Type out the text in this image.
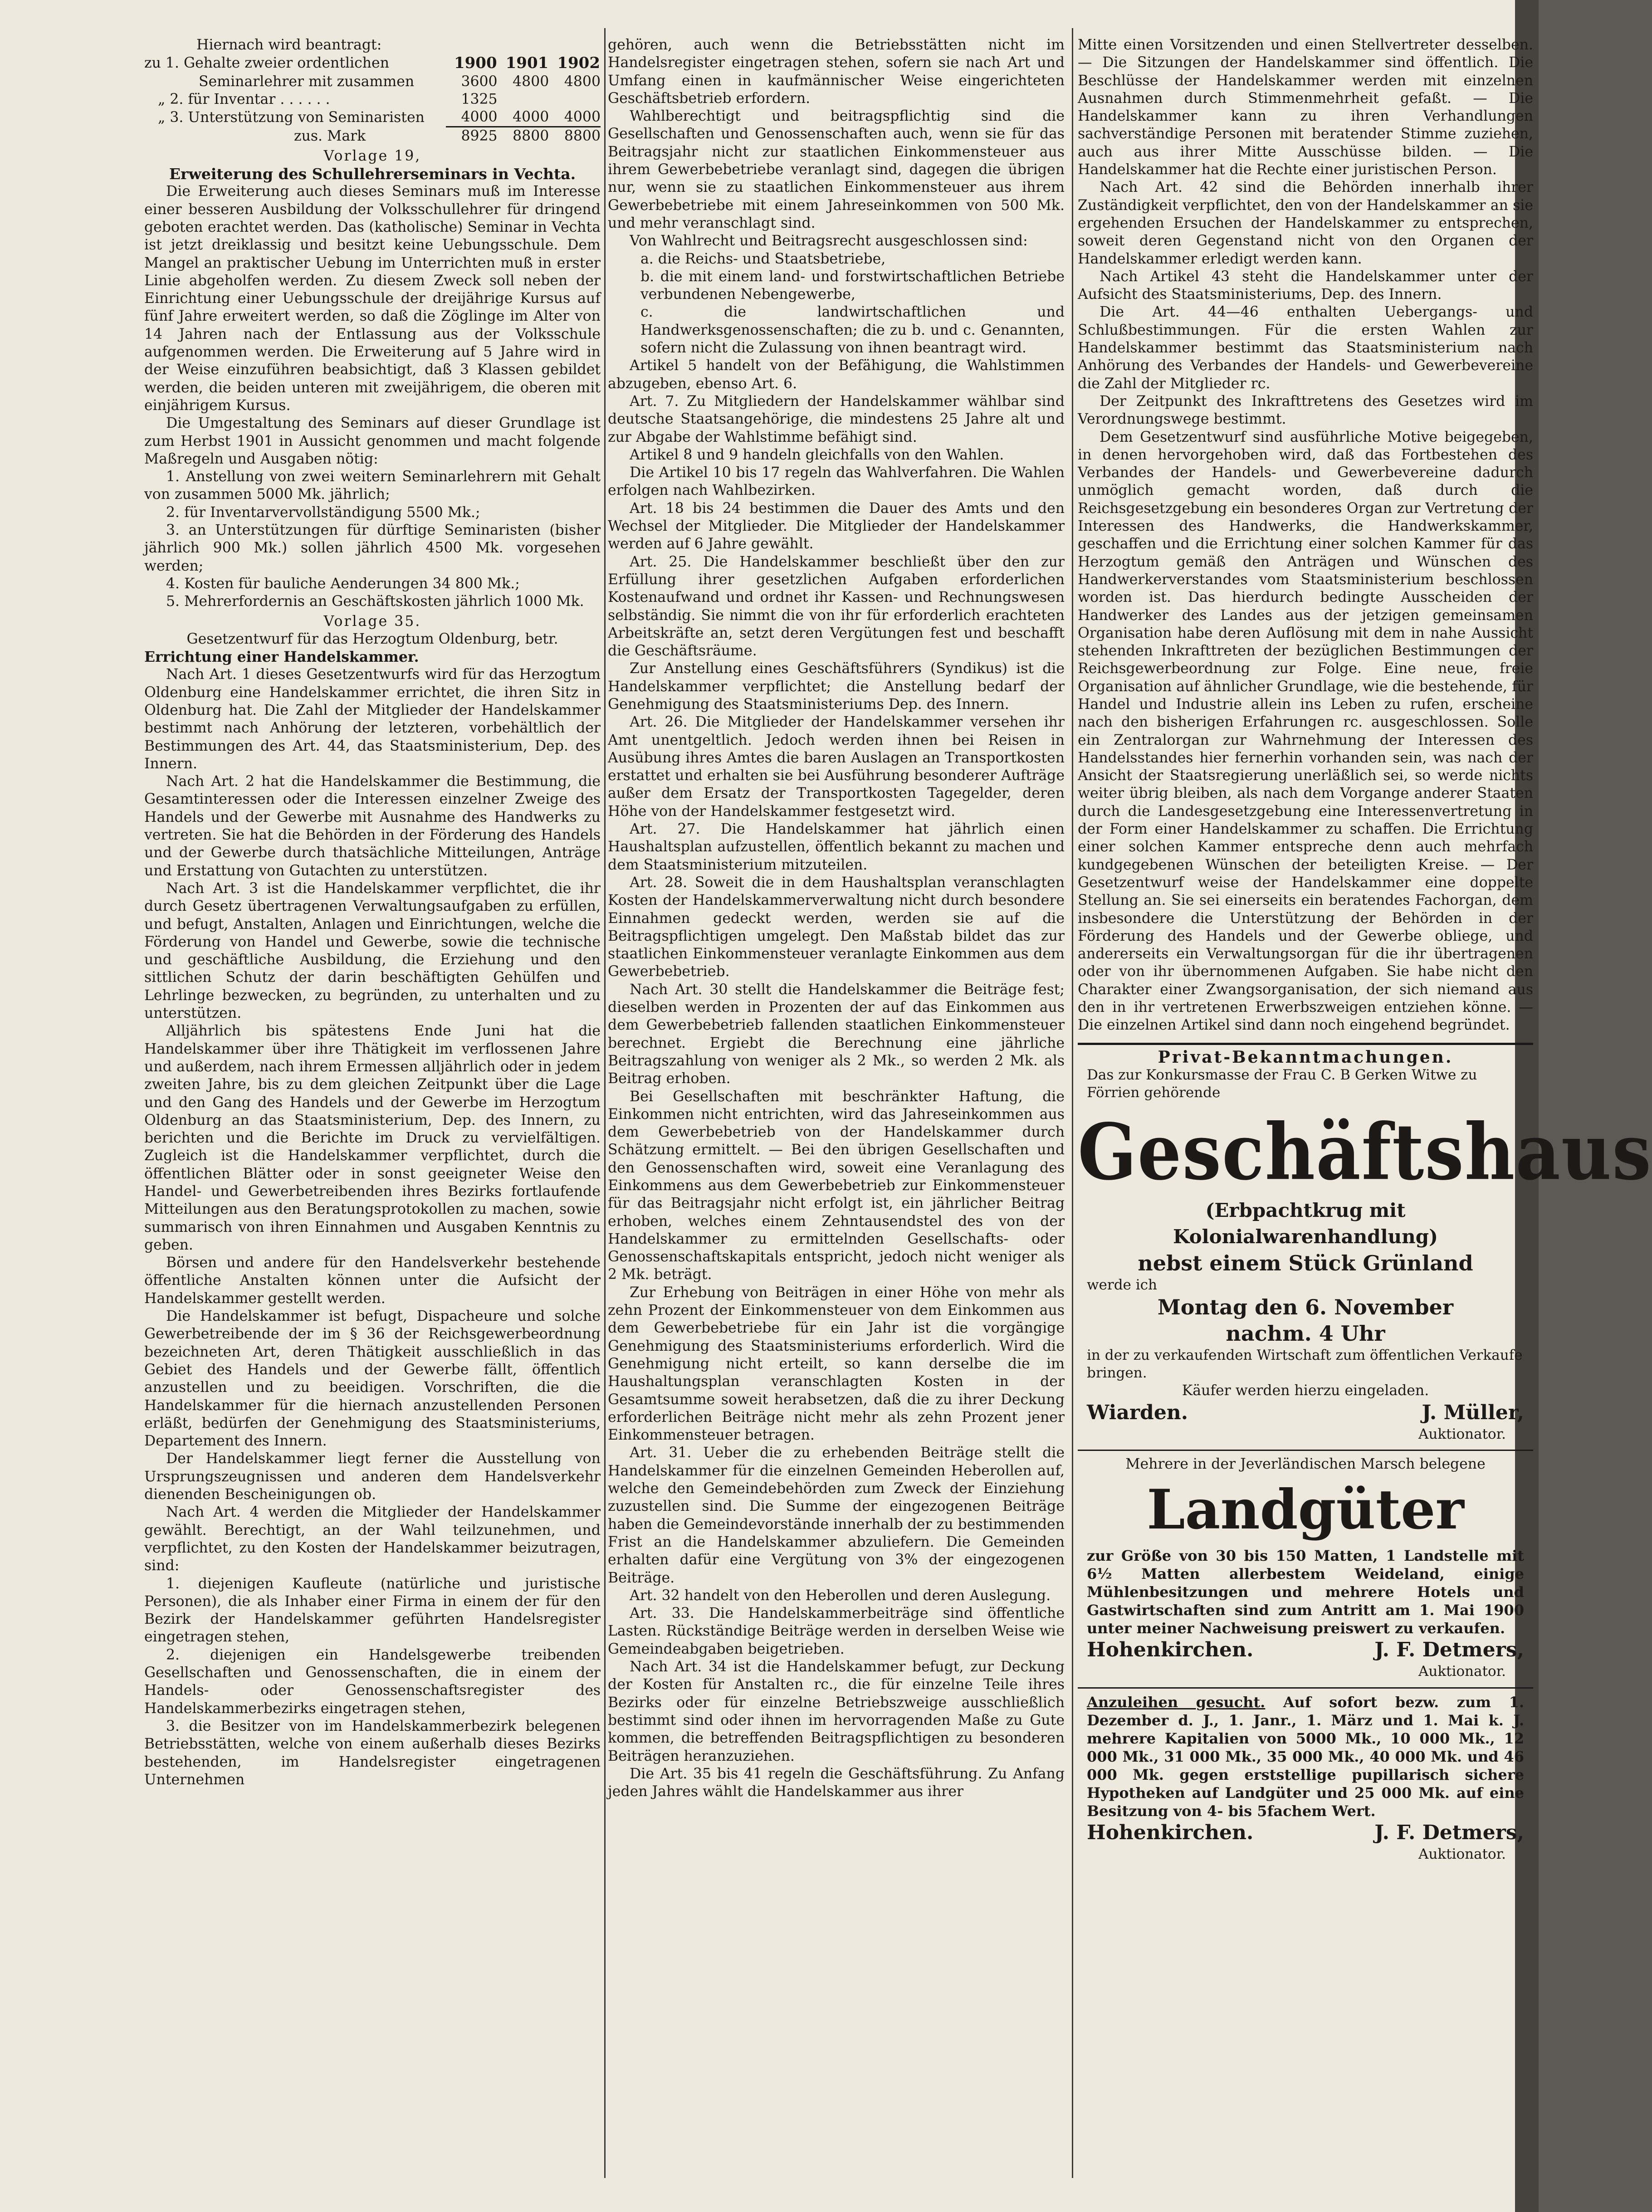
Hiernach wird beantragt:

zu 1. Gehalte zweier ordentlichen	1900	1901	1902
Seminarlehrer mit zusammen	3600	4800	4800
„ 2. für Inventar . . . . . .	1325		
„ 3. Unterstützung von Seminaristen	4000	4000	4000
zus. Mark	8925	8800	8800

Vorlage 19,

Erweiterung des Schullehrerseminars in Vechta.

Die Erweiterung auch dieses Seminars muß im Interesse einer besseren Ausbildung der Volksschullehrer für dringend geboten erachtet werden. Das (katholische) Seminar in Vechta ist jetzt dreiklassig und besitzt keine Uebungsschule. Dem Mangel an praktischer Uebung im Unterrichten muß in erster Linie abgeholfen werden. Zu diesem Zweck soll neben der Einrichtung einer Uebungsschule der dreijährige Kursus auf fünf Jahre erweitert werden, so daß die Zöglinge im Alter von 14 Jahren nach der Entlassung aus der Volksschule aufgenommen werden. Die Erweiterung auf 5 Jahre wird in der Weise einzuführen beabsichtigt, daß 3 Klassen gebildet werden, die beiden unteren mit zweijährigem, die oberen mit einjährigem Kursus.

Die Umgestaltung des Seminars auf dieser Grundlage ist zum Herbst 1901 in Aussicht genommen und macht folgende Maßregeln und Ausgaben nötig:

1. Anstellung von zwei weitern Seminarlehrern mit Gehalt von zusammen 5000 Mk. jährlich;

2. für Inventarvervollständigung 5500 Mk.;

3. an Unterstützungen für dürftige Seminaristen (bisher jährlich 900 Mk.) sollen jährlich 4500 Mk. vorgesehen werden;

4. Kosten für bauliche Aenderungen 34 800 Mk.;

5. Mehrerfordernis an Geschäftskosten jährlich 1000 Mk.

Vorlage 35.

Gesetzentwurf für das Herzogtum Oldenburg, betr.

Errichtung einer Handelskammer.

Nach Art. 1 dieses Gesetzentwurfs wird für das Herzogtum Oldenburg eine Handelskammer errichtet, die ihren Sitz in Oldenburg hat. Die Zahl der Mitglieder der Handelskammer bestimmt nach Anhörung der letzteren, vorbehältlich der Bestimmungen des Art. 44, das Staatsministerium, Dep. des Innern.

Nach Art. 2 hat die Handelskammer die Bestimmung, die Gesamtinteressen oder die Interessen einzelner Zweige des Handels und der Gewerbe mit Ausnahme des Handwerks zu vertreten. Sie hat die Behörden in der Förderung des Handels und der Gewerbe durch thatsächliche Mitteilungen, Anträge und Erstattung von Gutachten zu unterstützen.

Nach Art. 3 ist die Handelskammer verpflichtet, die ihr durch Gesetz übertragenen Verwaltungsaufgaben zu erfüllen, und befugt, Anstalten, Anlagen und Einrichtungen, welche die Förderung von Handel und Gewerbe, sowie die technische und geschäftliche Ausbildung, die Erziehung und den sittlichen Schutz der darin beschäftigten Gehülfen und Lehrlinge bezwecken, zu begründen, zu unterhalten und zu unterstützen.

Alljährlich bis spätestens Ende Juni hat die Handelskammer über ihre Thätigkeit im verflossenen Jahre und außerdem, nach ihrem Ermessen alljährlich oder in jedem zweiten Jahre, bis zu dem gleichen Zeitpunkt über die Lage und den Gang des Handels und der Gewerbe im Herzogtum Oldenburg an das Staatsministerium, Dep. des Innern, zu berichten und die Berichte im Druck zu vervielfältigen. Zugleich ist die Handelskammer verpflichtet, durch die öffentlichen Blätter oder in sonst geeigneter Weise den Handel- und Gewerbetreibenden ihres Bezirks fortlaufende Mitteilungen aus den Beratungsprotokollen zu machen, sowie summarisch von ihren Einnahmen und Ausgaben Kenntnis zu geben.

Börsen und andere für den Handelsverkehr bestehende öffentliche Anstalten können unter die Aufsicht der Handelskammer gestellt werden.

Die Handelskammer ist befugt, Dispacheure und solche Gewerbetreibende der im § 36 der Reichsgewerbeordnung bezeichneten Art, deren Thätigkeit ausschließlich in das Gebiet des Handels und der Gewerbe fällt, öffentlich anzustellen und zu beeidigen. Vorschriften, die die Handelskammer für die hiernach anzustellenden Personen erläßt, bedürfen der Genehmigung des Staatsministeriums, Departement des Innern.

Der Handelskammer liegt ferner die Ausstellung von Ursprungszeugnissen und anderen dem Handelsverkehr dienenden Bescheinigungen ob.

Nach Art. 4 werden die Mitglieder der Handelskammer gewählt. Berechtigt, an der Wahl teilzunehmen, und verpflichtet, zu den Kosten der Handelskammer beizutragen, sind:

1. diejenigen Kaufleute (natürliche und juristische Personen), die als Inhaber einer Firma in einem der für den Bezirk der Handelskammer geführten Handelsregister eingetragen stehen,

2. diejenigen ein Handelsgewerbe treibenden Gesellschaften und Genossenschaften, die in einem der Handels- oder Genossenschaftsregister des Handelskammerbezirks eingetragen stehen,

3. die Besitzer von im Handelskammerbezirk belegenen Betriebsstätten, welche von einem außerhalb dieses Bezirks bestehenden, im Handelsregister eingetragenen Unternehmen

gehören, auch wenn die Betriebsstätten nicht im Handelsregister eingetragen stehen, sofern sie nach Art und Umfang einen in kaufmännischer Weise eingerichteten Geschäftsbetrieb erfordern.

Wahlberechtigt und beitragspflichtig sind die Gesellschaften und Genossenschaften auch, wenn sie für das Beitragsjahr nicht zur staatlichen Einkommensteuer aus ihrem Gewerbebetriebe veranlagt sind, dagegen die übrigen nur, wenn sie zu staatlichen Einkommensteuer aus ihrem Gewerbebetriebe mit einem Jahreseinkommen von 500 Mk. und mehr veranschlagt sind.

Von Wahlrecht und Beitragsrecht ausgeschlossen sind:

a. die Reichs- und Staatsbetriebe,

b. die mit einem land- und forstwirtschaftlichen Betriebe verbundenen Nebengewerbe,

c. die landwirtschaftlichen und Handwerksgenossenschaften; die zu b. und c. Genannten, sofern nicht die Zulassung von ihnen beantragt wird.

Artikel 5 handelt von der Befähigung, die Wahlstimmen abzugeben, ebenso Art. 6.

Art. 7. Zu Mitgliedern der Handelskammer wählbar sind deutsche Staatsangehörige, die mindestens 25 Jahre alt und zur Abgabe der Wahlstimme befähigt sind.

Artikel 8 und 9 handeln gleichfalls von den Wahlen.

Die Artikel 10 bis 17 regeln das Wahlverfahren. Die Wahlen erfolgen nach Wahlbezirken.

Art. 18 bis 24 bestimmen die Dauer des Amts und den Wechsel der Mitglieder. Die Mitglieder der Handelskammer werden auf 6 Jahre gewählt.

Art. 25. Die Handelskammer beschließt über den zur Erfüllung ihrer gesetzlichen Aufgaben erforderlichen Kostenaufwand und ordnet ihr Kassen- und Rechnungswesen selbständig. Sie nimmt die von ihr für erforderlich erachteten Arbeitskräfte an, setzt deren Vergütungen fest und beschafft die Geschäftsräume.

Zur Anstellung eines Geschäftsführers (Syndikus) ist die Handelskammer verpflichtet; die Anstellung bedarf der Genehmigung des Staatsministeriums Dep. des Innern.

Art. 26. Die Mitglieder der Handelskammer versehen ihr Amt unentgeltlich. Jedoch werden ihnen bei Reisen in Ausübung ihres Amtes die baren Auslagen an Transportkosten erstattet und erhalten sie bei Ausführung besonderer Aufträge außer dem Ersatz der Transportkosten Tagegelder, deren Höhe von der Handelskammer festgesetzt wird.

Art. 27. Die Handelskammer hat jährlich einen Haushaltsplan aufzustellen, öffentlich bekannt zu machen und dem Staatsministerium mitzuteilen.

Art. 28. Soweit die in dem Haushaltsplan veranschlagten Kosten der Handelskammerverwaltung nicht durch besondere Einnahmen gedeckt werden, werden sie auf die Beitragspflichtigen umgelegt. Den Maßstab bildet das zur staatlichen Einkommensteuer veranlagte Einkommen aus dem Gewerbebetrieb.

Nach Art. 30 stellt die Handelskammer die Beiträge fest; dieselben werden in Prozenten der auf das Einkommen aus dem Gewerbebetrieb fallenden staatlichen Einkommensteuer berechnet. Ergiebt die Berechnung eine jährliche Beitragszahlung von weniger als 2 Mk., so werden 2 Mk. als Beitrag erhoben.

Bei Gesellschaften mit beschränkter Haftung, die Einkommen nicht entrichten, wird das Jahreseinkommen aus dem Gewerbebetrieb von der Handelskammer durch Schätzung ermittelt. — Bei den übrigen Gesellschaften und den Genossenschaften wird, soweit eine Veranlagung des Einkommens aus dem Gewerbebetrieb zur Einkommensteuer für das Beitragsjahr nicht erfolgt ist, ein jährlicher Beitrag erhoben, welches einem Zehntausendstel des von der Handelskammer zu ermittelnden Gesellschafts- oder Genossenschaftskapitals entspricht, jedoch nicht weniger als 2 Mk. beträgt.

Zur Erhebung von Beiträgen in einer Höhe von mehr als zehn Prozent der Einkommensteuer von dem Einkommen aus dem Gewerbebetriebe für ein Jahr ist die vorgängige Genehmigung des Staatsministeriums erforderlich. Wird die Genehmigung nicht erteilt, so kann derselbe die im Haushaltungsplan veranschlagten Kosten in der Gesamtsumme soweit herabsetzen, daß die zu ihrer Deckung erforderlichen Beiträge nicht mehr als zehn Prozent jener Einkommensteuer betragen.

Art. 31. Ueber die zu erhebenden Beiträge stellt die Handelskammer für die einzelnen Gemeinden Heberollen auf, welche den Gemeindebehörden zum Zweck der Einziehung zuzustellen sind. Die Summe der eingezogenen Beiträge haben die Gemeindevorstände innerhalb der zu bestimmenden Frist an die Handelskammer abzuliefern. Die Gemeinden erhalten dafür eine Vergütung von 3% der eingezogenen Beiträge.

Art. 32 handelt von den Heberollen und deren Auslegung.

Art. 33. Die Handelskammerbeiträge sind öffentliche Lasten. Rückständige Beiträge werden in derselben Weise wie Gemeindeabgaben beigetrieben.

Nach Art. 34 ist die Handelskammer befugt, zur Deckung der Kosten für Anstalten rc., die für einzelne Teile ihres Bezirks oder für einzelne Betriebszweige ausschließlich bestimmt sind oder ihnen im hervorragenden Maße zu Gute kommen, die betreffenden Beitragspflichtigen zu besonderen Beiträgen heranzuziehen.

Die Art. 35 bis 41 regeln die Geschäftsführung. Zu Anfang jeden Jahres wählt die Handelskammer aus ihrer

Mitte einen Vorsitzenden und einen Stellvertreter desselben. — Die Sitzungen der Handelskammer sind öffentlich. Die Beschlüsse der Handelskammer werden mit einzelnen Ausnahmen durch Stimmenmehrheit gefaßt. — Die Handelskammer kann zu ihren Verhandlungen sachverständige Personen mit beratender Stimme zuziehen, auch aus ihrer Mitte Ausschüsse bilden. — Die Handelskammer hat die Rechte einer juristischen Person.

Nach Art. 42 sind die Behörden innerhalb ihrer Zuständigkeit verpflichtet, den von der Handelskammer an sie ergehenden Ersuchen der Handelskammer zu entsprechen, soweit deren Gegenstand nicht von den Organen der Handelskammer erledigt werden kann.

Nach Artikel 43 steht die Handelskammer unter der Aufsicht des Staatsministeriums, Dep. des Innern.

Die Art. 44—46 enthalten Uebergangs- und Schlußbestimmungen. Für die ersten Wahlen zur Handelskammer bestimmt das Staatsministerium nach Anhörung des Verbandes der Handels- und Gewerbevereine die Zahl der Mitglieder rc.

Der Zeitpunkt des Inkrafttretens des Gesetzes wird im Verordnungswege bestimmt.

Dem Gesetzentwurf sind ausführliche Motive beigegeben, in denen hervorgehoben wird, daß das Fortbestehen des Verbandes der Handels- und Gewerbevereine dadurch unmöglich gemacht worden, daß durch die Reichsgesetzgebung ein besonderes Organ zur Vertretung der Interessen des Handwerks, die Handwerkskammer, geschaffen und die Errichtung einer solchen Kammer für das Herzogtum gemäß den Anträgen und Wünschen des Handwerkerverstandes vom Staatsministerium beschlossen worden ist. Das hierdurch bedingte Ausscheiden der Handwerker des Landes aus der jetzigen gemeinsamen Organisation habe deren Auflösung mit dem in nahe Aussicht stehenden Inkrafttreten der bezüglichen Bestimmungen der Reichsgewerbeordnung zur Folge. Eine neue, freie Organisation auf ähnlicher Grundlage, wie die bestehende, für Handel und Industrie allein ins Leben zu rufen, erscheine nach den bisherigen Erfahrungen rc. ausgeschlossen. Solle ein Zentralorgan zur Wahrnehmung der Interessen des Handelsstandes hier fernerhin vorhanden sein, was nach der Ansicht der Staatsregierung unerläßlich sei, so werde nichts weiter übrig bleiben, als nach dem Vorgange anderer Staaten durch die Landesgesetzgebung eine Interessenvertretung in der Form einer Handelskammer zu schaffen. Die Errichtung einer solchen Kammer entspreche denn auch mehrfach kundgegebenen Wünschen der beteiligten Kreise. — Der Gesetzentwurf weise der Handelskammer eine doppelte Stellung an. Sie sei einerseits ein beratendes Fachorgan, dem insbesondere die Unterstützung der Behörden in der Förderung des Handels und der Gewerbe obliege, und andererseits ein Verwaltungsorgan für die ihr übertragenen oder von ihr übernommenen Aufgaben. Sie habe nicht den Charakter einer Zwangsorganisation, der sich niemand aus den in ihr vertretenen Erwerbszweigen entziehen könne. — Die einzelnen Artikel sind dann noch eingehend begründet.

Privat-Bekanntmachungen.

Das zur Konkursmasse der Frau C. B Gerken Witwe zu Förrien gehörende

Geschäftshaus
(Erbpachtkrug mit Kolonialwarenhandlung)
nebst einem Stück Grünland

werde ich

Montag den 6. November
nachm. 4 Uhr

in der zu verkaufenden Wirtschaft zum öffentlichen Verkaufe bringen.

Käufer werden hierzu eingeladen.

Wiarden.	J. Müller,
Auktionator.
Mehrere in der Jeverländischen Marsch belegene
Landgüter

zur Größe von 30 bis 150 Matten, 1 Landstelle mit 6½ Matten allerbestem Weideland, einige Mühlenbesitzungen und mehrere Hotels und Gastwirtschaften sind zum Antritt am 1. Mai 1900 unter meiner Nachweisung preiswert zu verkaufen.

Hohenkirchen.	J. F. Detmers,
Auktionator.

Anzuleihen gesucht. Auf sofort bezw. zum 1. Dezember d. J., 1. Janr., 1. März und 1. Mai k. J. mehrere Kapitalien von 5000 Mk., 10 000 Mk., 12 000 Mk., 31 000 Mk., 35 000 Mk., 40 000 Mk. und 46 000 Mk. gegen erststellige pupillarisch sichere Hypotheken auf Landgüter und 25 000 Mk. auf eine Besitzung von 4- bis 5fachem Wert.

Hohenkirchen.	J. F. Detmers,
Auktionator.
